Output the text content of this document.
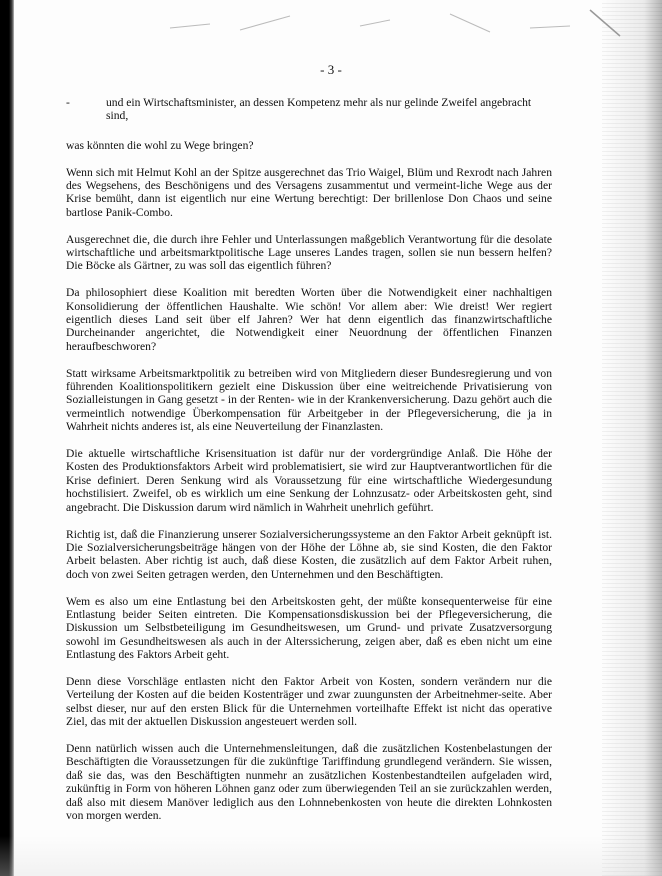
- 3 -
-	und ein Wirtschaftsminister, an dessen Kompetenz mehr als nur gelinde Zweifel angebracht sind,

was könnten die wohl zu Wege bringen?

Wenn sich mit Helmut Kohl an der Spitze ausgerechnet das Trio Waigel, Blüm und Rexrodt nach Jahren des Wegsehens, des Beschönigens und des Versagens zusammentut und vermeint-liche Wege aus der Krise bemüht, dann ist eigentlich nur eine Wertung berechtigt: Der brillenlose Don Chaos und seine bartlose Panik-Combo.

Ausgerechnet die, die durch ihre Fehler und Unterlassungen maßgeblich Verantwortung für die desolate wirtschaftliche und arbeitsmarktpolitische Lage unseres Landes tragen, sollen sie nun bessern helfen? Die Böcke als Gärtner, zu was soll das eigentlich führen?

Da philosophiert diese Koalition mit beredten Worten über die Notwendigkeit einer nachhaltigen Konsolidierung der öffentlichen Haushalte. Wie schön! Vor allem aber: Wie dreist! Wer regiert eigentlich dieses Land seit über elf Jahren? Wer hat denn eigentlich das finanzwirtschaftliche Durcheinander angerichtet, die Notwendigkeit einer Neuordnung der öffentlichen Finanzen heraufbeschworen?

Statt wirksame Arbeitsmarktpolitik zu betreiben wird von Mitgliedern dieser Bundesregierung und von führenden Koalitionspolitikern gezielt eine Diskussion über eine weitreichende Privatisierung von Sozialleistungen in Gang gesetzt - in der Renten- wie in der Krankenversicherung. Dazu gehört auch die vermeintlich notwendige Überkompensation für Arbeitgeber in der Pflegeversicherung, die ja in Wahrheit nichts anderes ist, als eine Neuverteilung der Finanzlasten.

Die aktuelle wirtschaftliche Krisensituation ist dafür nur der vordergründige Anlaß. Die Höhe der Kosten des Produktionsfaktors Arbeit wird problematisiert, sie wird zur Hauptverantwortlichen für die Krise definiert. Deren Senkung wird als Voraussetzung für eine wirtschaftliche Wiedergesundung hochstilisiert. Zweifel, ob es wirklich um eine Senkung der Lohnzusatz- oder Arbeitskosten geht, sind angebracht. Die Diskussion darum wird nämlich in Wahrheit unehrlich geführt.

Richtig ist, daß die Finanzierung unserer Sozialversicherungssysteme an den Faktor Arbeit geknüpft ist. Die Sozialversicherungsbeiträge hängen von der Höhe der Löhne ab, sie sind Kosten, die den Faktor Arbeit belasten. Aber richtig ist auch, daß diese Kosten, die zusätzlich auf dem Faktor Arbeit ruhen, doch von zwei Seiten getragen werden, den Unternehmen und den Beschäftigten.

Wem es also um eine Entlastung bei den Arbeitskosten geht, der müßte konsequenterweise für eine Entlastung beider Seiten eintreten. Die Kompensationsdiskussion bei der Pflegeversicherung, die Diskussion um Selbstbeteiligung im Gesundheitswesen, um Grund- und private Zusatzversorgung sowohl im Gesundheitswesen als auch in der Alterssicherung, zeigen aber, daß es eben nicht um eine Entlastung des Faktors Arbeit geht.

Denn diese Vorschläge entlasten nicht den Faktor Arbeit von Kosten, sondern verändern nur die Verteilung der Kosten auf die beiden Kostenträger und zwar zuungunsten der Arbeitnehmer-seite. Aber selbst dieser, nur auf den ersten Blick für die Unternehmen vorteilhafte Effekt ist nicht das operative Ziel, das mit der aktuellen Diskussion angesteuert werden soll.

Denn natürlich wissen auch die Unternehmensleitungen, daß die zusätzlichen Kostenbelastungen der Beschäftigten die Voraussetzungen für die zukünftige Tariffindung grundlegend verändern. Sie wissen, daß sie das, was den Beschäftigten nunmehr an zusätzlichen Kostenbestandteilen aufgeladen wird, zukünftig in Form von höheren Löhnen ganz oder zum überwiegenden Teil an sie zurückzahlen werden, daß also mit diesem Manöver lediglich aus den Lohnnebenkosten von heute die direkten Lohnkosten von morgen werden.
